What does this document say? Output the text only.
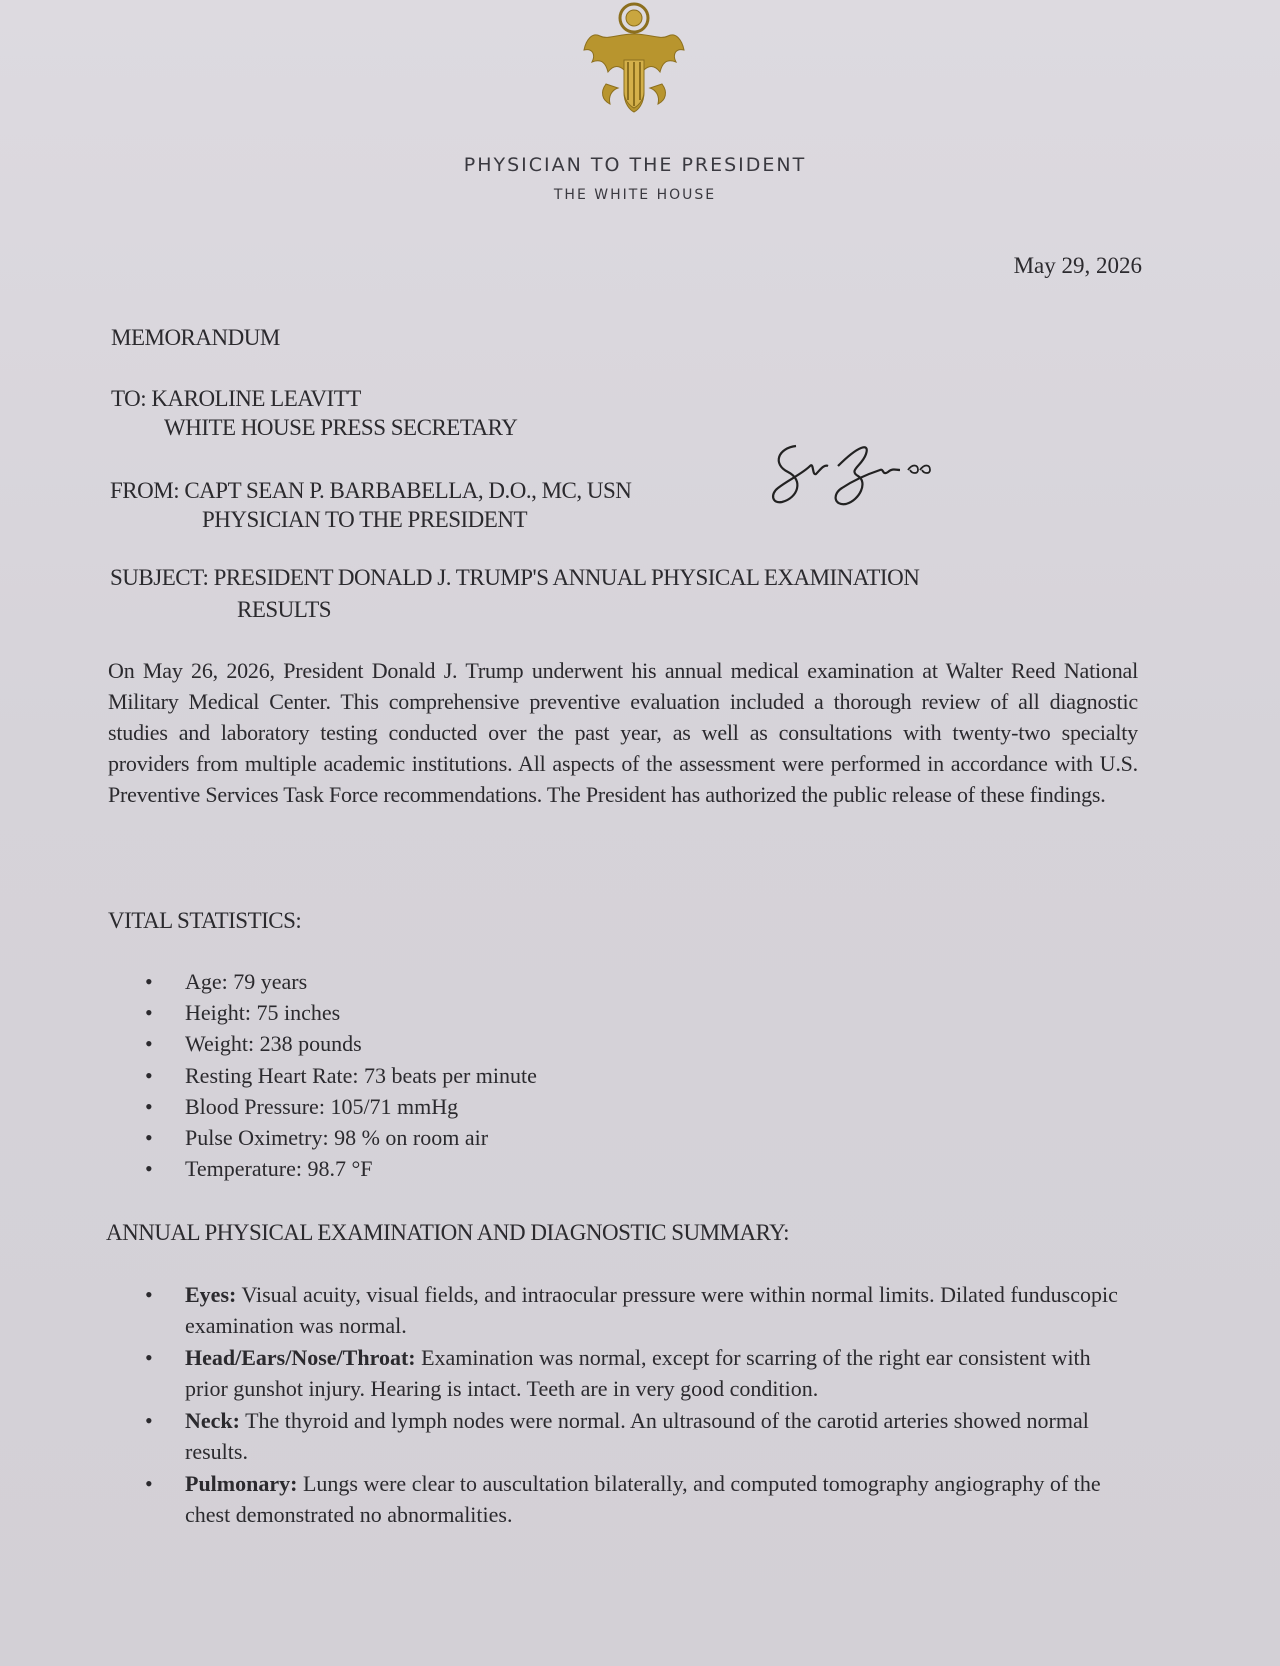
PHYSICIAN TO THE PRESIDENT
THE WHITE HOUSE
May 29, 2026
MEMORANDUM
TO: KAROLINE LEAVITT
WHITE HOUSE PRESS SECRETARY
FROM: CAPT SEAN P. BARBABELLA, D.O., MC, USN
PHYSICIAN TO THE PRESIDENT
SUBJECT: PRESIDENT DONALD J. TRUMP'S ANNUAL PHYSICAL EXAMINATION
RESULTS
On May 26, 2026, President Donald J. Trump underwent his annual medical examination at Walter Reed National Military Medical Center. This comprehensive preventive evaluation included a thorough review of all diagnostic studies and laboratory testing conducted over the past year, as well as consultations with twenty-two specialty providers from multiple academic institutions. All aspects of the assessment were performed in accordance with U.S. Preventive Services Task Force recommendations. The President has authorized the public release of these findings.
VITAL STATISTICS:
• Age: 79 years
• Height: 75 inches
• Weight: 238 pounds
• Resting Heart Rate: 73 beats per minute
• Blood Pressure: 105/71 mmHg
• Pulse Oximetry: 98 % on room air
• Temperature: 98.7 °F
ANNUAL PHYSICAL EXAMINATION AND DIAGNOSTIC SUMMARY:
• Eyes: Visual acuity, visual fields, and intraocular pressure were within normal limits. Dilated funduscopic examination was normal.
• Head/Ears/Nose/Throat: Examination was normal, except for scarring of the right ear consistent with prior gunshot injury. Hearing is intact. Teeth are in very good condition.
• Neck: The thyroid and lymph nodes were normal. An ultrasound of the carotid arteries showed normal results.
• Pulmonary: Lungs were clear to auscultation bilaterally, and computed tomography angiography of the chest demonstrated no abnormalities.
